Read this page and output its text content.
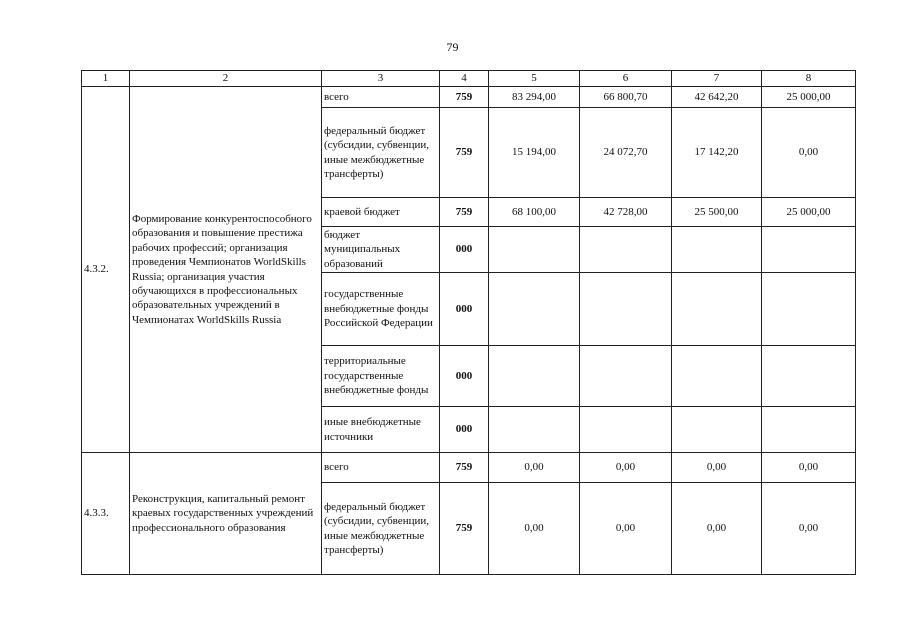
79
1	2	3	4	5	6	7	8
4.3.2.	Формирование конкурентоспособного образования и повышение престижа рабочих профессий; организация проведения Чемпионатов WorldSkills Russia; организация участия обучающихся в профессиональных образовательных учреждений в Чемпионатах WorldSkills Russia	всего	759	83 294,00	66 800,70	42 642,20	25 000,00
		федеральный бюджет (субсидии, субвенции, иные межбюджетные трансферты)	759	15 194,00	24 072,70	17 142,20	0,00
		краевой бюджет	759	68 100,00	42 728,00	25 500,00	25 000,00
		бюджет муниципальных образований	000				
		государственные внебюджетные фонды Российской Федерации	000				
		территориальные государственные внебюджетные фонды	000				
		иные внебюджетные источники	000				
4.3.3.	Реконструкция, капитальный ремонт краевых государственных учреждений профессионального образования	всего	759	0,00	0,00	0,00	0,00
		федеральный бюджет (субсидии, субвенции, иные межбюджетные трансферты)	759	0,00	0,00	0,00	0,00
